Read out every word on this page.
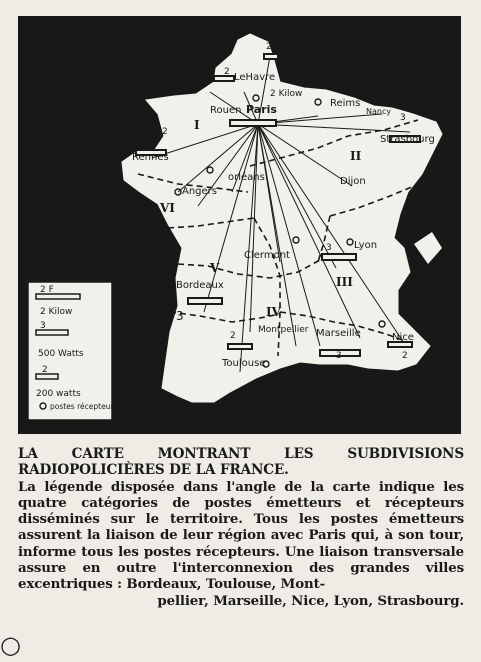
LeHavre
Rouen Paris	Reims
Nancy
Strasbourg
Rennes
orléans
Angers
Dijon
Clermont
Lyon
Bordeaux
Montpellier Marseille	Nice
Toulouse
2
2
2 Kilow
2
3
3
3
3	2
2
I
II
III
IV
V
VI
2 F
2 Kilow
3
500 Watts
2
200 watts
postes récepteurs
LA CARTE MONTRANT LES SUBDIVISIONS RADIOPOLICIÈRES DE LA FRANCE.
La légende disposée dans l'angle de la carte indique les quatre catégories de postes émetteurs et récepteurs disséminés sur le territoire. Tous les postes émetteurs assurent la liaison de leur région avec Paris qui, à son tour, informe tous les postes récepteurs. Une liaison transversale assure en outre l'interconnexion des grandes villes excentriques : Bordeaux, Toulouse, Mont-
pellier, Marseille, Nice, Lyon, Strasbourg.
○
